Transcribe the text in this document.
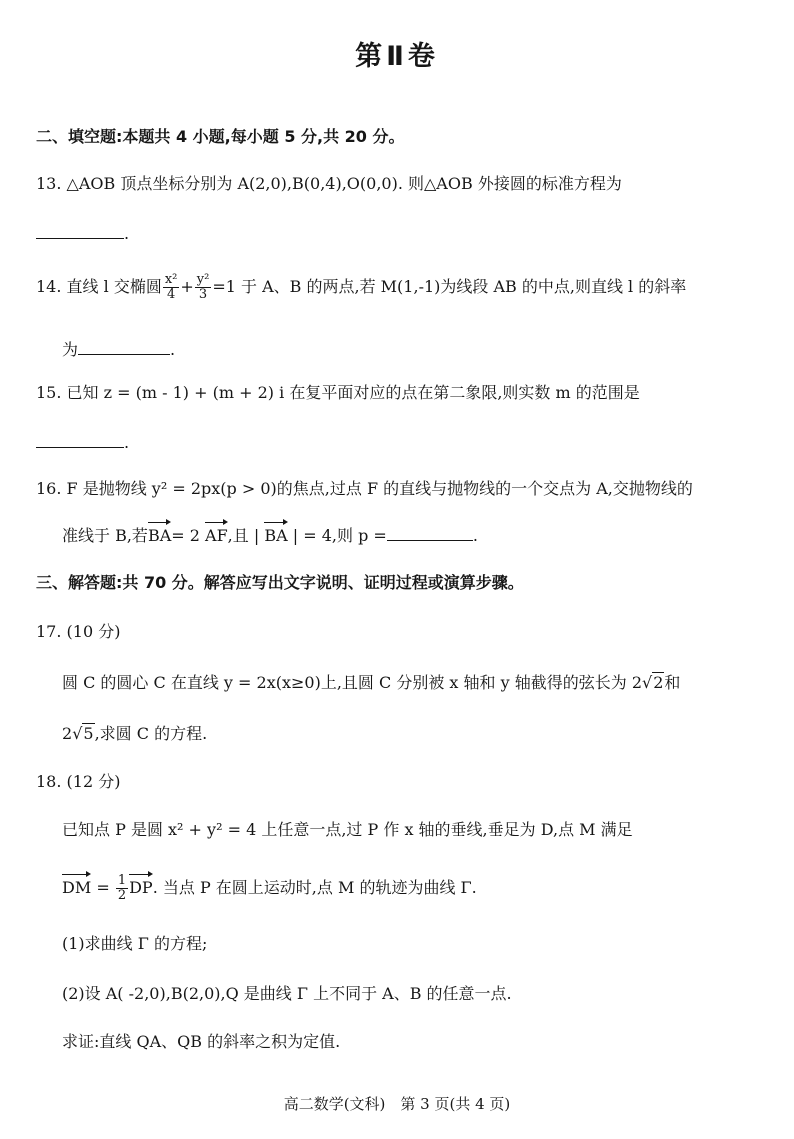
第Ⅱ卷
二、填空题:本题共 4 小题,每小题 5 分,共 20 分。
13. △AOB 顶点坐标分别为 A(2,0),B(0,4),O(0,0). 则△AOB 外接圆的标准方程为
.
14. 直线 l 交椭圆 $\frac{\text{x²}}{4} + \frac{\text{y²}}{3} =1$ 于 A、B 的两点,若 M(1,-1)为线段 AB 的中点,则直线 l 的斜率
为	.
15. 已知 z = (m - 1) + (m + 2) i 在复平面对应的点在第二象限,则实数 m 的范围是
.
16. F 是抛物线 y² = 2px(p > 0)的焦点,过点 F 的直线与抛物线的一个交点为 A,交抛物线的
准线于 B,若BA= 2 AF,且 | BA | = 4,则 p =	.
三、解答题:共 70 分。解答应写出文字说明、证明过程或演算步骤。
17. (10 分)
圆 C 的圆心 C 在直线 y = 2x(x≥0)上,且圆 C 分别被 x 轴和 y 轴截得的弦长为 2√2和
2√5,求圆 C 的方程.
18. (12 分)
已知点 P 是圆 x² + y² = 4 上任意一点,过 P 作 x 轴的垂线,垂足为 D,点 M 满足
DM = $\frac{1}{2}$ DP. 当点 P 在圆上运动时,点 M 的轨迹为曲线 Γ.
(1)求曲线 Γ 的方程;
(2)设 A( -2,0),B(2,0),Q 是曲线 Γ 上不同于 A、B 的任意一点.
求证:直线 QA、QB 的斜率之积为定值.
高二数学(文科)　第 3 页(共 4 页)
